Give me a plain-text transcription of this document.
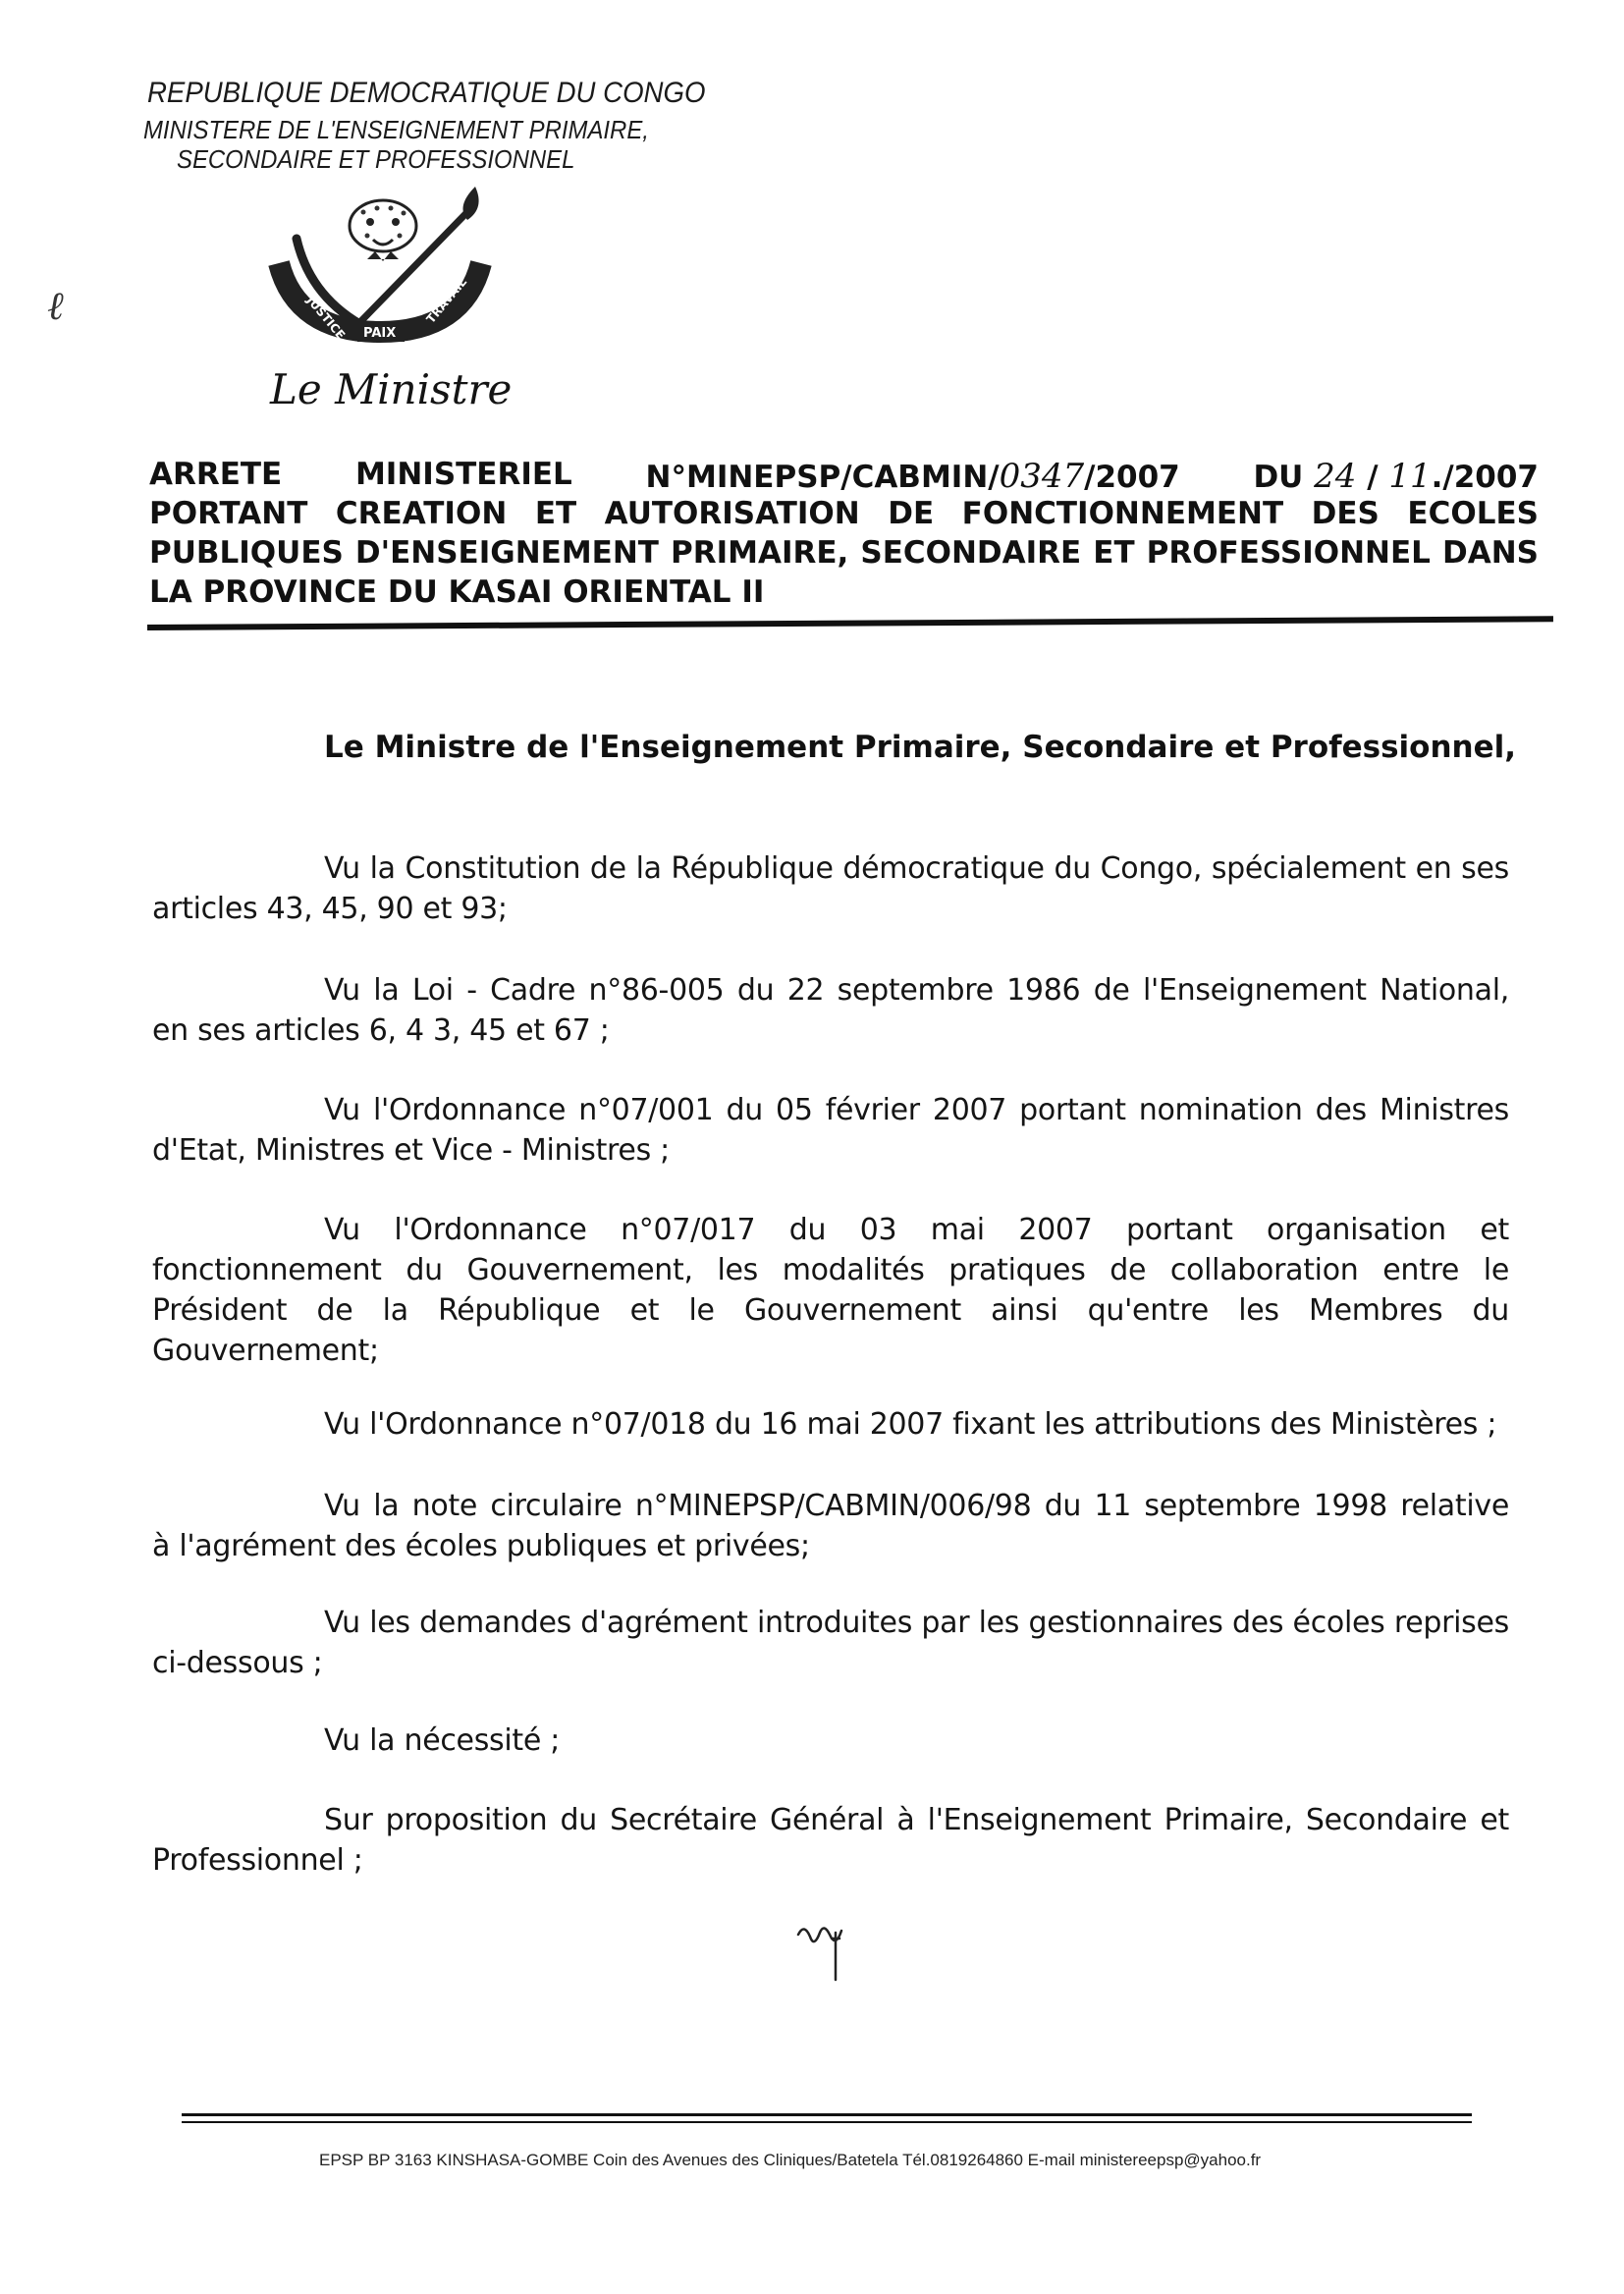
ℓ
REPUBLIQUE DEMOCRATIQUE DU CONGO
MINISTERE DE L'ENSEIGNEMENT PRIMAIRE,
SECONDAIRE ET PROFESSIONNEL
JUSTICE PAIX
TRAVAIL
Le Ministre
ARRETE MINISTERIEL N°MINEPSP/CABMIN/0347/2007 DU 24 / 11./2007
PORTANT CREATION ET AUTORISATION DE FONCTIONNEMENT DES ECOLES
PUBLIQUES D'ENSEIGNEMENT PRIMAIRE, SECONDAIRE ET PROFESSIONNEL DANS
LA PROVINCE DU KASAI ORIENTAL II
Le Ministre de l'Enseignement Primaire, Secondaire et Professionnel,
Vu la Constitution de la République démocratique du Congo, spécialement en ses
articles 43, 45, 90 et 93;
Vu la Loi - Cadre n°86-005 du 22 septembre 1986 de l'Enseignement National,
en ses articles 6, 4 3, 45 et 67 ;
Vu l'Ordonnance n°07/001 du 05 février 2007 portant nomination des Ministres
d'Etat, Ministres et Vice - Ministres ;
Vu l'Ordonnance n°07/017 du 03 mai 2007 portant organisation et
fonctionnement du Gouvernement, les modalités pratiques de collaboration entre le
Président de la République et le Gouvernement ainsi qu'entre les Membres du
Gouvernement;
Vu l'Ordonnance n°07/018 du 16 mai 2007 fixant les attributions des Ministères ;
Vu la note circulaire n°MINEPSP/CABMIN/006/98 du 11 septembre 1998 relative
à l'agrément des écoles publiques et privées;
Vu les demandes d'agrément introduites par les gestionnaires des écoles reprises
ci-dessous ;
Vu la nécessité ;
Sur proposition du Secrétaire Général à l'Enseignement Primaire, Secondaire et
Professionnel ;
EPSP BP 3163 KINSHASA-GOMBE Coin des Avenues des Cliniques/Batetela Tél.0819264860 E-mail ministereepsp@yahoo.fr
